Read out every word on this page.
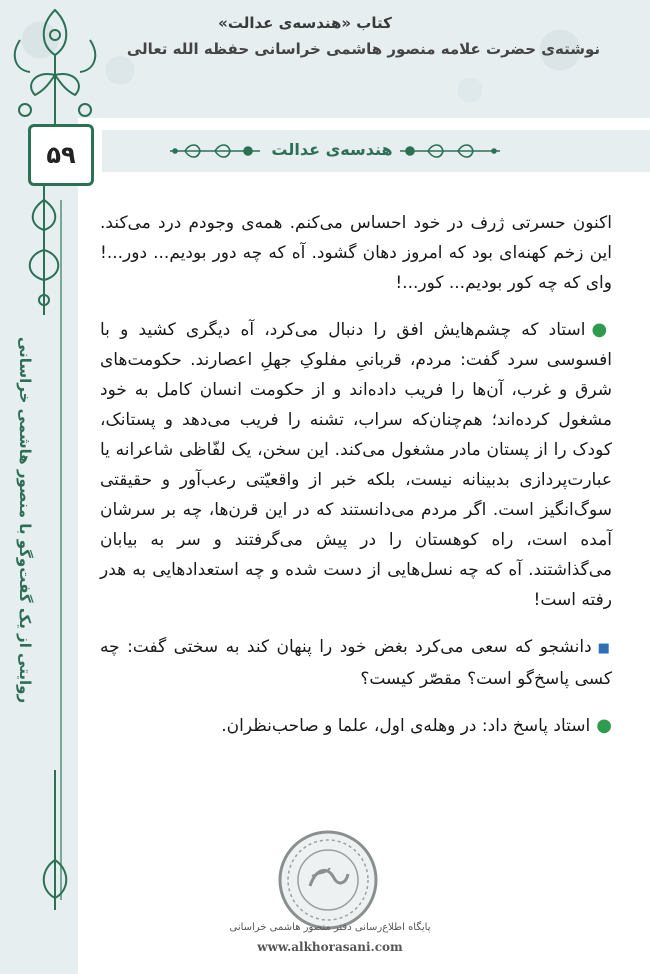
کتاب «هندسه‌ی عدالت»
نوشته‌ی حضرت علامه منصور هاشمی خراسانی حفظه الله تعالی
روایتی از یک گفت‌وگو با منصور هاشمی خراسانی
هندسه‌ی عدالت
۵۹

اکنون حسرتی ژرف در خود احساس می‌کنم. همه‌ی وجودم درد می‌کند. این زخم کهنه‌ای بود که امروز دهان گشود. آه که چه دور بودیم... دور...! وای که چه کور بودیم... کور...!

●استاد که چشم‌هایش افق را دنبال می‌کرد، آه دیگری کشید و با افسوسی سرد گفت: مردم، قربانیِ مفلوکِ جهلِ اعصارند. حکومت‌های شرق و غرب، آن‌ها را فریب داده‌اند و از حکومت انسان کامل به خود مشغول کرده‌اند؛ هم‌چنان‌که سراب، تشنه را فریب می‌دهد و پستانک، کودک را از پستان مادر مشغول می‌کند. این سخن، یک لفّاظی شاعرانه یا عبارت‌پردازی بدبینانه نیست، بلکه خبر از واقعیّتی رعب‌آور و حقیقتی سوگ‌انگیز است. اگر مردم می‌دانستند که در این قرن‌ها، چه بر سرشان آمده است، راه کوهستان را در پیش می‌گرفتند و سر به بیابان می‌گذاشتند. آه که چه نسل‌هایی از دست شده و چه استعدادهایی به هدر رفته است!

■دانشجو که سعی می‌کرد بغض خود را پنهان کند به سختی گفت: چه کسی پاسخ‌گو است؟ مقصّر کیست؟

●استاد پاسخ داد: در وهله‌ی اول، علما و صاحب‌نظران.

پایگاه اطلاع‌رسانی دفتر منصور هاشمی خراسانی
www.alkhorasani.com
